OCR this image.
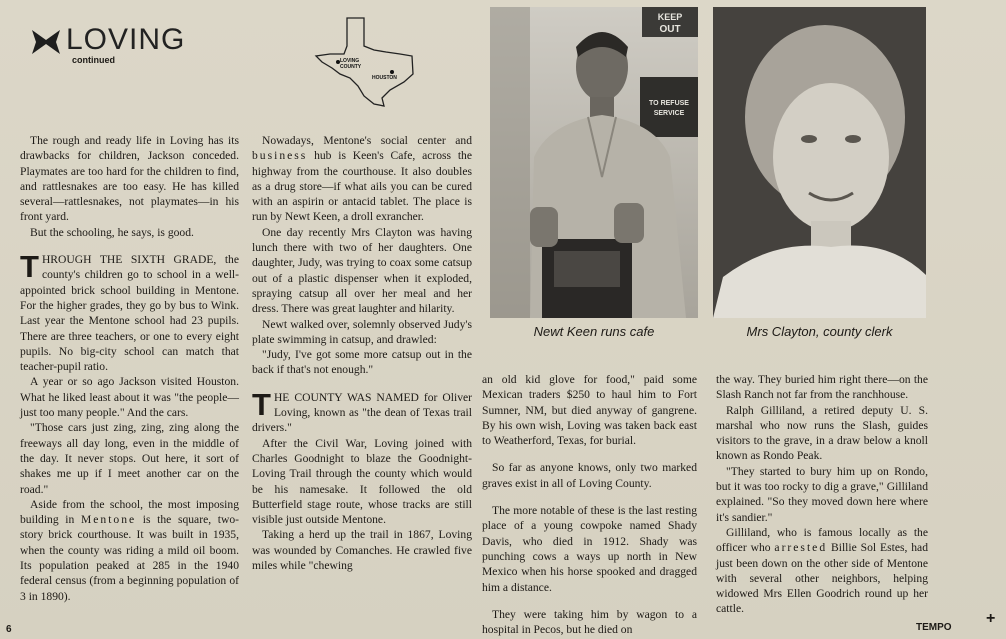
LOVING
continued	LOVING
COUNTY
HOUSTON

The rough and ready life in Loving has its drawbacks for children, Jackson conceded. Playmates are too hard for the children to find, and rattlesnakes are too easy. He has killed several—rattlesnakes, not playmates—in his front yard.

But the schooling, he says, is good.

THROUGH THE SIXTH GRADE, the county's children go to school in a well-appointed brick school building in Mentone. For the higher grades, they go by bus to Wink. Last year the Mentone school had 23 pupils. There are three teachers, or one to every eight pupils. No big-city school can match that teacher-pupil ratio.

A year or so ago Jackson visited Houston. What he liked least about it was "the people—just too many people." And the cars.

"Those cars just zing, zing, zing along the freeways all day long, even in the middle of the day. It never stops. Out here, it sort of shakes me up if I meet another car on the road."

Aside from the school, the most imposing building in Mentone is the square, two-story brick courthouse. It was built in 1935, when the county was riding a mild oil boom. Its population peaked at 285 in the 1940 federal census (from a beginning population of 3 in 1890).

Nowadays, Mentone's social center and business hub is Keen's Cafe, across the highway from the courthouse. It also doubles as a drug store—if what ails you can be cured with an aspirin or antacid tablet. The place is run by Newt Keen, a droll exrancher.

One day recently Mrs Clayton was having lunch there with two of her daughters. One daughter, Judy, was trying to coax some catsup out of a plastic dispenser when it exploded, spraying catsup all over her meal and her dress. There was great laughter and hilarity.

Newt walked over, solemnly observed Judy's plate swimming in catsup, and drawled:

"Judy, I've got some more catsup out in the back if that's not enough."

THE COUNTY WAS NAMED for Oliver Loving, known as "the dean of Texas trail drivers."

After the Civil War, Loving joined with Charles Goodnight to blaze the Goodnight-Loving Trail through the county which would be his namesake. It followed the old Butterfield stage route, whose tracks are still visible just outside Mentone.

Taking a herd up the trail in 1867, Loving was wounded by Comanches. He crawled five miles while "chewing

KEEP
OUT
TO REFUSE
SERVICE
Newt Keen runs cafe	Mrs Clayton, county clerk

an old kid glove for food," paid some Mexican traders $250 to haul him to Fort Sumner, NM, but died anyway of gangrene. By his own wish, Loving was taken back east to Weatherford, Texas, for burial.

So far as anyone knows, only two marked graves exist in all of Loving County.

The more notable of these is the last resting place of a young cowpoke named Shady Davis, who died in 1912. Shady was punching cows a ways up north in New Mexico when his horse spooked and dragged him a distance.

They were taking him by wagon to a hospital in Pecos, but he died on

the way. They buried him right there—on the Slash Ranch not far from the ranchhouse.

Ralph Gilliland, a retired deputy U. S. marshal who now runs the Slash, guides visitors to the grave, in a draw below a knoll known as Rondo Peak.

"They started to bury him up on Rondo, but it was too rocky to dig a grave," Gilliland explained. "So they moved down here where it's sandier."

Gilliland, who is famous locally as the officer who arrested Billie Sol Estes, had just been down on the other side of Mentone with several other neighbors, helping widowed Mrs Ellen Goodrich round up her cattle.

6	TEMPO
+
